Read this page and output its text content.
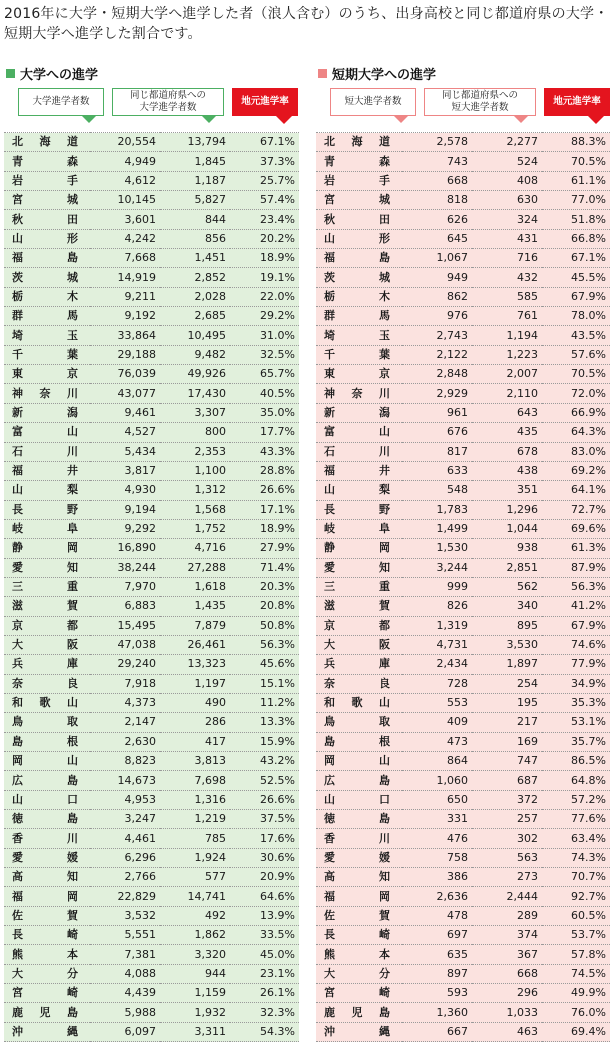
2016年に大学・短期大学へ進学した者（浪人含む）のうち、出身高校と同じ都道府県の大学・短期大学へ進学した割合です。
大学への進学
大学進学者数
同じ都道府県への
大学進学者数
地元進学率
北海道	20,554	13,794	67.1%
青森	4,949	1,845	37.3%
岩手	4,612	1,187	25.7%
宮城	10,145	5,827	57.4%
秋田	3,601	844	23.4%
山形	4,242	856	20.2%
福島	7,668	1,451	18.9%
茨城	14,919	2,852	19.1%
栃木	9,211	2,028	22.0%
群馬	9,192	2,685	29.2%
埼玉	33,864	10,495	31.0%
千葉	29,188	9,482	32.5%
東京	76,039	49,926	65.7%
神奈川	43,077	17,430	40.5%
新潟	9,461	3,307	35.0%
富山	4,527	800	17.7%
石川	5,434	2,353	43.3%
福井	3,817	1,100	28.8%
山梨	4,930	1,312	26.6%
長野	9,194	1,568	17.1%
岐阜	9,292	1,752	18.9%
静岡	16,890	4,716	27.9%
愛知	38,244	27,288	71.4%
三重	7,970	1,618	20.3%
滋賀	6,883	1,435	20.8%
京都	15,495	7,879	50.8%
大阪	47,038	26,461	56.3%
兵庫	29,240	13,323	45.6%
奈良	7,918	1,197	15.1%
和歌山	4,373	490	11.2%
鳥取	2,147	286	13.3%
島根	2,630	417	15.9%
岡山	8,823	3,813	43.2%
広島	14,673	7,698	52.5%
山口	4,953	1,316	26.6%
徳島	3,247	1,219	37.5%
香川	4,461	785	17.6%
愛媛	6,296	1,924	30.6%
高知	2,766	577	20.9%
福岡	22,829	14,741	64.6%
佐賀	3,532	492	13.9%
長崎	5,551	1,862	33.5%
熊本	7,381	3,320	45.0%
大分	4,088	944	23.1%
宮崎	4,439	1,159	26.1%
鹿児島	5,988	1,932	32.3%
沖縄	6,097	3,311	54.3%
短期大学への進学
短大進学者数
同じ都道府県への
短大進学者数
地元進学率
北海道	2,578	2,277	88.3%
青森	743	524	70.5%
岩手	668	408	61.1%
宮城	818	630	77.0%
秋田	626	324	51.8%
山形	645	431	66.8%
福島	1,067	716	67.1%
茨城	949	432	45.5%
栃木	862	585	67.9%
群馬	976	761	78.0%
埼玉	2,743	1,194	43.5%
千葉	2,122	1,223	57.6%
東京	2,848	2,007	70.5%
神奈川	2,929	2,110	72.0%
新潟	961	643	66.9%
富山	676	435	64.3%
石川	817	678	83.0%
福井	633	438	69.2%
山梨	548	351	64.1%
長野	1,783	1,296	72.7%
岐阜	1,499	1,044	69.6%
静岡	1,530	938	61.3%
愛知	3,244	2,851	87.9%
三重	999	562	56.3%
滋賀	826	340	41.2%
京都	1,319	895	67.9%
大阪	4,731	3,530	74.6%
兵庫	2,434	1,897	77.9%
奈良	728	254	34.9%
和歌山	553	195	35.3%
鳥取	409	217	53.1%
島根	473	169	35.7%
岡山	864	747	86.5%
広島	1,060	687	64.8%
山口	650	372	57.2%
徳島	331	257	77.6%
香川	476	302	63.4%
愛媛	758	563	74.3%
高知	386	273	70.7%
福岡	2,636	2,444	92.7%
佐賀	478	289	60.5%
長崎	697	374	53.7%
熊本	635	367	57.8%
大分	897	668	74.5%
宮崎	593	296	49.9%
鹿児島	1,360	1,033	76.0%
沖縄	667	463	69.4%
